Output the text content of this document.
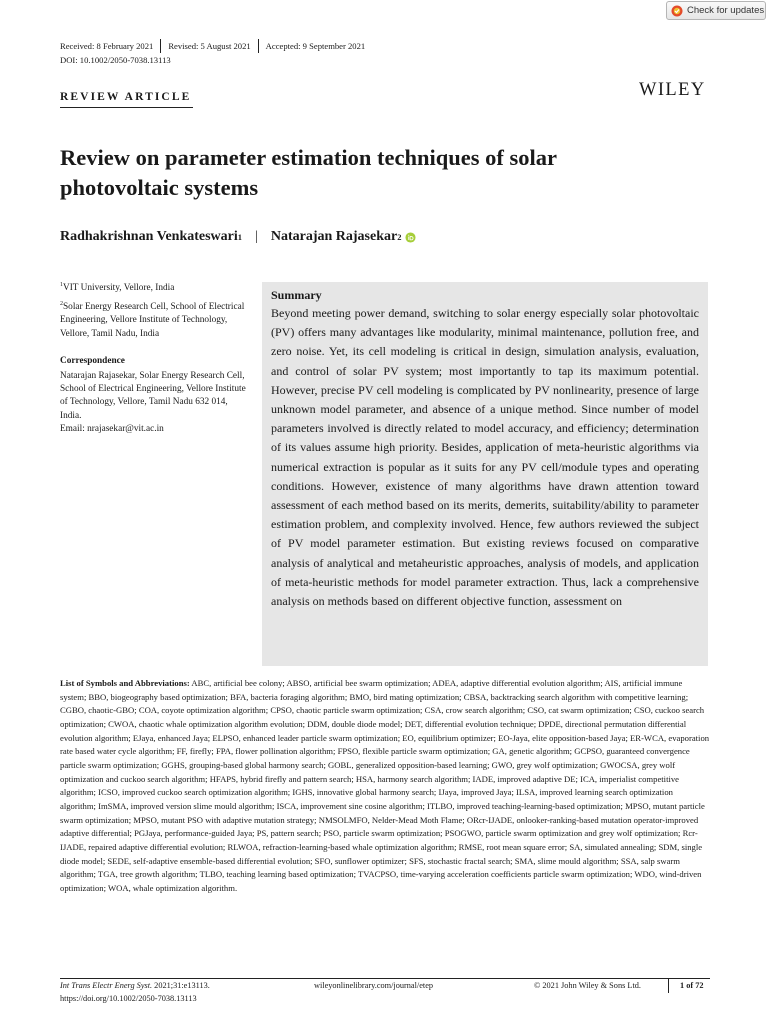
Check for updates
Received: 8 February 2021 Revised: 5 August 2021 Accepted: 9 September 2021
DOI: 10.1002/2050-7038.13113
REVIEW ARTICLE	WILEY
Review on parameter estimation techniques of solar photovoltaic systems
Radhakrishnan Venkateswari 1 | Natarajan Rajasekar 2
$^1$VIT University, Vellore, India
$^2$Solar Energy Research Cell, School of Electrical Engineering, Vellore Institute of Technology, Vellore, Tamil Nadu, India
Correspondence
Natarajan Rajasekar, Solar Energy Research Cell, School of Electrical Engineering, Vellore Institute of Technology, Vellore, Tamil Nadu 632 014, India.
Email: nrajasekar@vit.ac.in
Summary
Beyond meeting power demand, switching to solar energy especially solar photovoltaic (PV) offers many advantages like modularity, minimal maintenance, pollution free, and zero noise. Yet, its cell modeling is critical in design, simulation analysis, evaluation, and control of solar PV system; most importantly to tap its maximum potential. However, precise PV cell modeling is complicated by PV nonlinearity, presence of large unknown model parameter, and absence of a unique method. Since number of model parameters involved is directly related to model accuracy, and efficiency; determination of its values assume high priority. Besides, application of meta-heuristic algorithms via numerical extraction is popular as it suits for any PV cell/module types and operating conditions. However, existence of many algorithms have drawn attention toward assessment of each method based on its merits, demerits, suitability/ability to parameter estimation problem, and complexity involved. Hence, few authors reviewed the subject of PV model parameter estimation. But existing reviews focused on comparative analysis of analytical and metaheuristic approaches, analysis of models, and application of meta-heuristic methods for model parameter extraction. Thus, lack a comprehensive analysis on methods based on different objective function, assessment on
List of Symbols and Abbreviations: ABC, artificial bee colony; ABSO, artificial bee swarm optimization; ADEA, adaptive differential evolution algorithm; AIS, artificial immune system; BBO, biogeography based optimization; BFA, bacteria foraging algorithm; BMO, bird mating optimization; CBSA, backtracking search algorithm with competitive learning; CGBO, chaotic-GBO; COA, coyote optimization algorithm; CPSO, chaotic particle swarm optimization; CSA, crow search algorithm; CSO, cat swarm optimization; CSO, cuckoo search optimization; CWOA, chaotic whale optimization algorithm evolution; DDM, double diode model; DET, differential evolution technique; DPDE, directional permutation differential evolution algorithm; EJaya, enhanced Jaya; ELPSO, enhanced leader particle swarm optimization; EO, equilibrium optimizer; EO-Jaya, elite opposition-based Jaya; ER-WCA, evaporation rate based water cycle algorithm; FF, firefly; FPA, flower pollination algorithm; FPSO, flexible particle swarm optimization; GA, genetic algorithm; GCPSO, guaranteed convergence particle swarm optimization; GGHS, grouping-based global harmony search; GOBL, generalized opposition-based learning; GWO, grey wolf optimization; GWOCSA, grey wolf optimization and cuckoo search algorithm; HFAPS, hybrid firefly and pattern search; HSA, harmony search algorithm; IADE, improved adaptive DE; ICA, imperialist competitive algorithm; ICSO, improved cuckoo search optimization algorithm; IGHS, innovative global harmony search; IJaya, improved Jaya; ILSA, improved learning search optimization algorithm; ImSMA, improved version slime mould algorithm; ISCA, improvement sine cosine algorithm; ITLBO, improved teaching-learning-based optimization; MPSO, mutant particle swarm optimization; MPSO, mutant PSO with adaptive mutation strategy; NMSOLMFO, Nelder-Mead Moth Flame; ORcr-IJADE, onlooker-ranking-based mutation operator-improved adaptive differential; PGJaya, performance-guided Jaya; PS, pattern search; PSO, particle swarm optimization; PSOGWO, particle swarm optimization and grey wolf optimization; Rcr-IJADE, repaired adaptive differential evolution; RLWOA, refraction-learning-based whale optimization algorithm; RMSE, root mean square error; SA, simulated annealing; SDM, single diode model; SEDE, self-adaptive ensemble-based differential evolution; SFO, sunflower optimizer; SFS, stochastic fractal search; SMA, slime mould algorithm; SSA, salp swarm algorithm; TGA, tree growth algorithm; TLBO, teaching learning based optimization; TVACPSO, time-varying acceleration coefficients particle swarm optimization; WDO, wind-driven optimization; WOA, whale optimization algorithm.
Int Trans Electr Energ Syst. 2021;31:e13113.
https://doi.org/10.1002/2050-7038.13113
wileyonlinelibrary.com/journal/etep	© 2021 John Wiley & Sons Ltd.	1 of 72
